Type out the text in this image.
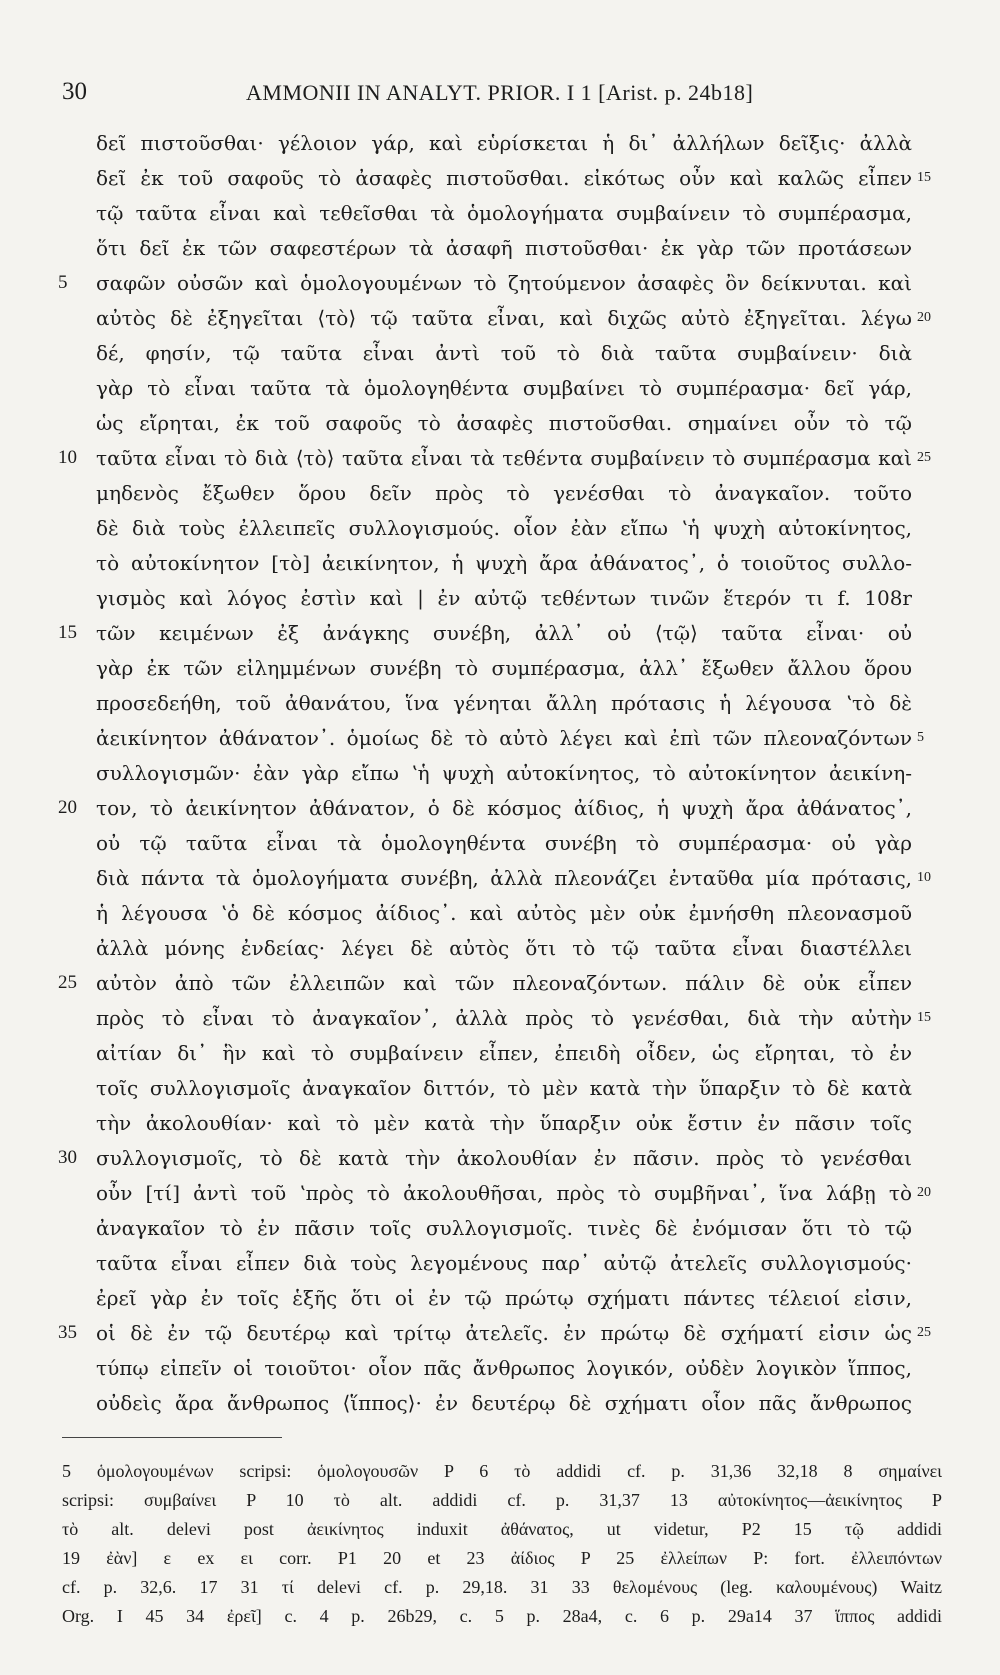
30	AMMONII IN ANALYT. PRIOR. I 1 [Arist. p. 24b18]
δεῖ πιστοῦσθαι· γέλοιον γάρ, καὶ εὑρίσκεται ἡ δι᾽ ἀλλήλων δεῖξις· ἀλλὰ
δεῖ ἐκ τοῦ σαφοῦς τὸ ἀσαφὲς πιστοῦσθαι. εἰκότως οὖν καὶ καλῶς εἶπεν
τῷ ταῦτα εἶναι καὶ τεθεῖσθαι τὰ ὁμολογήματα συμβαίνειν τὸ συμπέρασμα,
ὅτι δεῖ ἐκ τῶν σαφεστέρων τὰ ἀσαφῆ πιστοῦσθαι· ἐκ γὰρ τῶν προτάσεων
σαφῶν οὐσῶν καὶ ὁμολογουμένων τὸ ζητούμενον ἀσαφὲς ὂν δείκνυται. καὶ
αὐτὸς δὲ ἐξηγεῖται ⟨τὸ⟩ τῷ ταῦτα εἶναι, καὶ διχῶς αὐτὸ ἐξηγεῖται. λέγω
δέ, φησίν, τῷ ταῦτα εἶναι ἀντὶ τοῦ τὸ διὰ ταῦτα συμβαίνειν· διὰ
γὰρ τὸ εἶναι ταῦτα τὰ ὁμολογηθέντα συμβαίνει τὸ συμπέρασμα· δεῖ γάρ,
ὡς εἴρηται, ἐκ τοῦ σαφοῦς τὸ ἀσαφὲς πιστοῦσθαι. σημαίνει οὖν τὸ τῷ
ταῦτα εἶναι τὸ διὰ ⟨τὸ⟩ ταῦτα εἶναι τὰ τεθέντα συμβαίνειν τὸ συμπέρασμα καὶ
μηδενὸς ἔξωθεν ὅρου δεῖν πρὸς τὸ γενέσθαι τὸ ἀναγκαῖον. τοῦτο
δὲ διὰ τοὺς ἐλλειπεῖς συλλογισμούς. οἷον ἐὰν εἴπω ʽἡ ψυχὴ αὐτοκίνητος,
τὸ αὐτοκίνητον [τὸ] ἀεικίνητον, ἡ ψυχὴ ἄρα ἀθάνατος᾽, ὁ τοιοῦτος συλλο-
γισμὸς καὶ λόγος ἐστὶν καὶ | ἐν αὐτῷ τεθέντων τινῶν ἕτερόν τι f. 108r
τῶν κειμένων ἐξ ἀνάγκης συνέβη, ἀλλ᾽ οὐ ⟨τῷ⟩ ταῦτα εἶναι· οὐ
γὰρ ἐκ τῶν εἰλημμένων συνέβη τὸ συμπέρασμα, ἀλλ᾽ ἔξωθεν ἄλλου ὅρου
προσεδεήθη, τοῦ ἀθανάτου, ἵνα γένηται ἄλλη πρότασις ἡ λέγουσα ʽτὸ δὲ
ἀεικίνητον ἀθάνατον᾽. ὁμοίως δὲ τὸ αὐτὸ λέγει καὶ ἐπὶ τῶν πλεοναζόντων
συλλογισμῶν· ἐὰν γὰρ εἴπω ʽἡ ψυχὴ αὐτοκίνητος, τὸ αὐτοκίνητον ἀεικίνη-
τον, τὸ ἀεικίνητον ἀθάνατον, ὁ δὲ κόσμος ἀίδιος, ἡ ψυχὴ ἄρα ἀθάνατος᾽,
οὐ τῷ ταῦτα εἶναι τὰ ὁμολογηθέντα συνέβη τὸ συμπέρασμα· οὐ γὰρ
διὰ πάντα τὰ ὁμολογήματα συνέβη, ἀλλὰ πλεονάζει ἐνταῦθα μία πρότασις,
ἡ λέγουσα ʽὁ δὲ κόσμος ἀίδιος᾽. καὶ αὐτὸς μὲν οὐκ ἐμνήσθη πλεονασμοῦ
ἀλλὰ μόνης ἐνδείας· λέγει δὲ αὐτὸς ὅτι τὸ τῷ ταῦτα εἶναι διαστέλλει
αὐτὸν ἀπὸ τῶν ἐλλειπῶν καὶ τῶν πλεοναζόντων. πάλιν δὲ οὐκ εἶπεν
πρὸς τὸ εἶναι τὸ ἀναγκαῖον᾽, ἀλλὰ πρὸς τὸ γενέσθαι, διὰ τὴν αὐτὴν
αἰτίαν δι᾽ ἣν καὶ τὸ συμβαίνειν εἶπεν, ἐπειδὴ οἶδεν, ὡς εἴρηται, τὸ ἐν
τοῖς συλλογισμοῖς ἀναγκαῖον διττόν, τὸ μὲν κατὰ τὴν ὕπαρξιν τὸ δὲ κατὰ
τὴν ἀκολουθίαν· καὶ τὸ μὲν κατὰ τὴν ὕπαρξιν οὐκ ἔστιν ἐν πᾶσιν τοῖς
συλλογισμοῖς, τὸ δὲ κατὰ τὴν ἀκολουθίαν ἐν πᾶσιν. πρὸς τὸ γενέσθαι
οὖν [τί] ἀντὶ τοῦ ʽπρὸς τὸ ἀκολουθῆσαι, πρὸς τὸ συμβῆναι᾽, ἵνα λάβῃ τὸ
ἀναγκαῖον τὸ ἐν πᾶσιν τοῖς συλλογισμοῖς. τινὲς δὲ ἐνόμισαν ὅτι τὸ τῷ
ταῦτα εἶναι εἶπεν διὰ τοὺς λεγομένους παρ᾽ αὐτῷ ἀτελεῖς συλλογισμούς·
ἐρεῖ γὰρ ἐν τοῖς ἑξῆς ὅτι οἱ ἐν τῷ πρώτῳ σχήματι πάντες τέλειοί εἰσιν,
οἱ δὲ ἐν τῷ δευτέρῳ καὶ τρίτῳ ἀτελεῖς. ἐν πρώτῳ δὲ σχήματί εἰσιν ὡς
τύπῳ εἰπεῖν οἱ τοιοῦτοι· οἷον πᾶς ἄνθρωπος λογικόν, οὐδὲν λογικὸν ἵππος,
οὐδεὶς ἄρα ἄνθρωπος ⟨ἵππος⟩· ἐν δευτέρῳ δὲ σχήματι οἷον πᾶς ἄνθρωπος
5
10
15
20
25
30
35
15
20
25
5
10
15
20
25
5 ὁμολογουμένων scripsi: ὁμολογουσῶν P 6 τὸ addidi cf. p. 31,36 32,18 8 σημαίνει
scripsi: συμβαίνει P 10 τὸ alt. addidi cf. p. 31,37 13 αὐτοκίνητος—ἀεικίνητος P
τὸ alt. delevi post ἀεικίνητος induxit ἀθάνατος, ut videtur, P2 15 τῷ addidi
19 ἐὰν] ε ex ει corr. P1 20 et 23 ἀίδιος P 25 ἐλλείπων P: fort. ἐλλειπόντων
cf. p. 32,6. 17 31 τί delevi cf. p. 29,18. 31 33 θελομένους (leg. καλουμένους) Waitz
Org. I 45 34 ἐρεῖ] c. 4 p. 26b29, c. 5 p. 28a4, c. 6 p. 29a14 37 ἵππος addidi
